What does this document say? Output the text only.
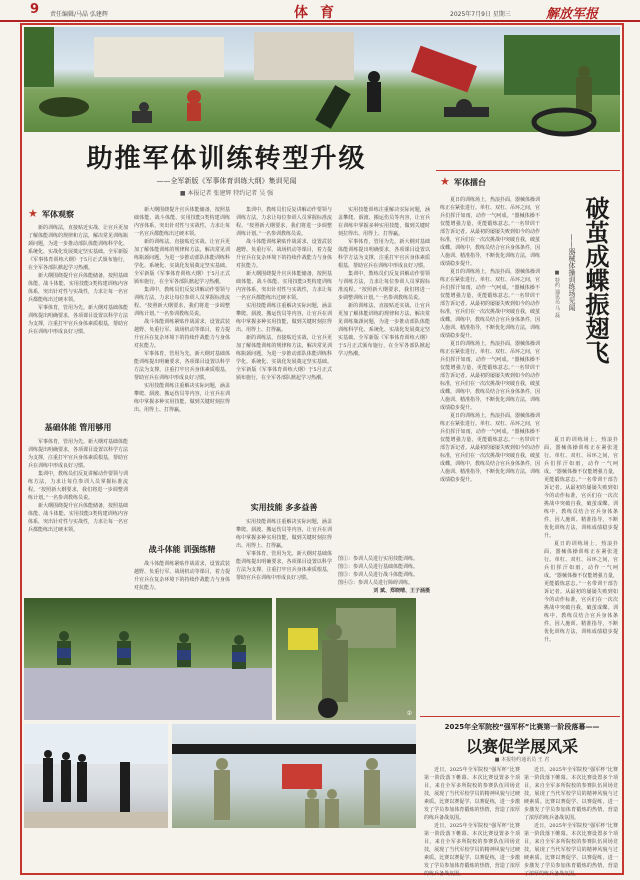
9 责任编辑/马晶 弘建辉	体育	2025年7月9日 星期三	解放军报
助推军体训练转型升级
——全军新版《军事体育训练大纲》集训见闻
■ 本报记者 张建辉 特约记者 吴 强
★ 军体观察

新的训练法，直接贴近实战、让官兵更加了解体能训练的规律和方法，解决常见训练瓶颈问题，为进一步推动部队体能训练科学化、系统化、实战化发展奠定坚实基础。全军新版《军事体育训练大纲》于5月正式颁布施行，在全军各部队掀起学习热潮。

新大纲围绕提升官兵体能储备，按照基础体能、战斗体能、实用技能3类构建训练内容体系，突出针对性与实战性，力求让每一名官兵都能练出过硬本领。

军事体育，管用为先。新大纲对基础体能训练提出明确要求，各项课目设置以科学方法为支撑，注重打牢官兵身体素质根基，帮助官兵在训练中形成良好习惯。

基础体能 管用够用

军事体育，管用为先。新大纲对基础体能训练提出明确要求，各项课目设置以科学方法为支撑，注重打牢官兵身体素质根基，帮助官兵在训练中形成良好习惯。

集训中，教练员们反复讲解动作要领与训练方法，力求让每位参训人员掌握标准流程。“按照新大纲要求，我们将进一步调整训练计划。”一名参训教练员说。

新大纲围绕提升官兵体能储备，按照基础体能、战斗体能、实用技能3类构建训练内容体系，突出针对性与实战性，力求让每一名官兵都能练出过硬本领。

新大纲围绕提升官兵体能储备，按照基础体能、战斗体能、实用技能3类构建训练内容体系，突出针对性与实战性，力求让每一名官兵都能练出过硬本领。

新的训练法，直接贴近实战、让官兵更加了解体能训练的规律和方法，解决常见训练瓶颈问题，为进一步推动部队体能训练科学化、系统化、实战化发展奠定坚实基础。全军新版《军事体育训练大纲》于5月正式颁布施行，在全军各部队掀起学习热潮。

集训中，教练员们反复讲解动作要领与训练方法，力求让每位参训人员掌握标准流程。“按照新大纲要求，我们将进一步调整训练计划。”一名参训教练员说。

战斗体能训练紧贴作战需求，设置武装越野、负重行军、战场机动等课目，着力提升官兵在复杂环境下的持续作战能力与身体对抗能力。

军事体育，管用为先。新大纲对基础体能训练提出明确要求，各项课目设置以科学方法为支撑，注重打牢官兵身体素质根基，帮助官兵在训练中形成良好习惯。

实用技能训练注重解决实际问题，涵盖攀爬、泅渡、搬运伤员等内容，让官兵在训练中掌握多种实用技能，做到关键时刻拉得出、用得上、打得赢。

战斗体能 训强练精

战斗体能训练紧贴作战需求，设置武装越野、负重行军、战场机动等课目，着力提升官兵在复杂环境下的持续作战能力与身体对抗能力。

集训中，教练员们反复讲解动作要领与训练方法，力求让每位参训人员掌握标准流程。“按照新大纲要求，我们将进一步调整训练计划。”一名参训教练员说。

战斗体能训练紧贴作战需求，设置武装越野、负重行军、战场机动等课目，着力提升官兵在复杂环境下的持续作战能力与身体对抗能力。

新大纲围绕提升官兵体能储备，按照基础体能、战斗体能、实用技能3类构建训练内容体系，突出针对性与实战性，力求让每一名官兵都能练出过硬本领。

实用技能训练注重解决实际问题，涵盖攀爬、泅渡、搬运伤员等内容，让官兵在训练中掌握多种实用技能，做到关键时刻拉得出、用得上、打得赢。

新的训练法，直接贴近实战、让官兵更加了解体能训练的规律和方法，解决常见训练瓶颈问题，为进一步推动部队体能训练科学化、系统化、实战化发展奠定坚实基础。全军新版《军事体育训练大纲》于5月正式颁布施行，在全军各部队掀起学习热潮。

实用技能 多多益善

实用技能训练注重解决实际问题，涵盖攀爬、泅渡、搬运伤员等内容，让官兵在训练中掌握多种实用技能，做到关键时刻拉得出、用得上、打得赢。

军事体育，管用为先。新大纲对基础体能训练提出明确要求，各项课目设置以科学方法为支撑，注重打牢官兵身体素质根基，帮助官兵在训练中形成良好习惯。

实用技能训练注重解决实际问题，涵盖攀爬、泅渡、搬运伤员等内容，让官兵在训练中掌握多种实用技能，做到关键时刻拉得出、用得上、打得赢。

军事体育，管用为先。新大纲对基础体能训练提出明确要求，各项课目设置以科学方法为支撑，注重打牢官兵身体素质根基，帮助官兵在训练中形成良好习惯。

集训中，教练员们反复讲解动作要领与训练方法，力求让每位参训人员掌握标准流程。“按照新大纲要求，我们将进一步调整训练计划。”一名参训教练员说。

新的训练法，直接贴近实战、让官兵更加了解体能训练的规律和方法，解决常见训练瓶颈问题，为进一步推动部队体能训练科学化、系统化、实战化发展奠定坚实基础。全军新版《军事体育训练大纲》于5月正式颁布施行，在全军各部队掀起学习热潮。

图①：参训人员进行实用技能训练。
图②：参训人员进行基础体能训练。
图③：参训人员进行战斗体能训练。
图④⑤：参训人员进行障碍训练。
刘 斌、郑晓晴、王子涵摄
★ 军体擂台
破茧成蝶振翅飞
——器械体操训练场见闻
■ 特约 通讯员 马 磊

夏日的训练场上，热浪扑面，器械体操训练正在紧张进行。单杠、双杠、吊环之间，官兵们挥汗如雨，动作一气呵成。“器械体操不仅能增强力量，更能锻炼意志。”一名带训干部告诉记者。从最初的屡屡失败到如今的动作标准，官兵们在一次次挑战中突破自我，破茧成蝶。训练中，教练员结合官兵身体条件，因人施训、精准指导，不断优化训练方法，训练成绩稳步提升。

夏日的训练场上，热浪扑面，器械体操训练正在紧张进行。单杠、双杠、吊环之间，官兵们挥汗如雨，动作一气呵成。“器械体操不仅能增强力量，更能锻炼意志。”一名带训干部告诉记者。从最初的屡屡失败到如今的动作标准，官兵们在一次次挑战中突破自我，破茧成蝶。训练中，教练员结合官兵身体条件，因人施训、精准指导，不断优化训练方法，训练成绩稳步提升。

夏日的训练场上，热浪扑面，器械体操训练正在紧张进行。单杠、双杠、吊环之间，官兵们挥汗如雨，动作一气呵成。“器械体操不仅能增强力量，更能锻炼意志。”一名带训干部告诉记者。从最初的屡屡失败到如今的动作标准，官兵们在一次次挑战中突破自我，破茧成蝶。训练中，教练员结合官兵身体条件，因人施训、精准指导，不断优化训练方法，训练成绩稳步提升。

夏日的训练场上，热浪扑面，器械体操训练正在紧张进行。单杠、双杠、吊环之间，官兵们挥汗如雨，动作一气呵成。“器械体操不仅能增强力量，更能锻炼意志。”一名带训干部告诉记者。从最初的屡屡失败到如今的动作标准，官兵们在一次次挑战中突破自我，破茧成蝶。训练中，教练员结合官兵身体条件，因人施训、精准指导，不断优化训练方法，训练成绩稳步提升。

夏日的训练场上，热浪扑面，器械体操训练正在紧张进行。单杠、双杠、吊环之间，官兵们挥汗如雨，动作一气呵成。“器械体操不仅能增强力量，更能锻炼意志。”一名带训干部告诉记者。从最初的屡屡失败到如今的动作标准，官兵们在一次次挑战中突破自我，破茧成蝶。训练中，教练员结合官兵身体条件，因人施训、精准指导，不断优化训练方法，训练成绩稳步提升。

夏日的训练场上，热浪扑面，器械体操训练正在紧张进行。单杠、双杠、吊环之间，官兵们挥汗如雨，动作一气呵成。“器械体操不仅能增强力量，更能锻炼意志。”一名带训干部告诉记者。从最初的屡屡失败到如今的动作标准，官兵们在一次次挑战中突破自我，破茧成蝶。训练中，教练员结合官兵身体条件，因人施训、精准指导，不断优化训练方法，训练成绩稳步提升。

②
2025年全军院校“强军杯”比赛第一阶段落幕——
以赛促学展风采
■ 本报特约通讯员 王 君

近日，2025年全军院校“强军杯”比赛第一阶段落下帷幕。本次比赛设置多个项目，来自全军多所院校的参赛队伍同场竞技，展现了当代军校学员的精神风貌与过硬素质。比赛以赛促学、以赛促练，进一步激发了学员参加体育锻炼的热情，营造了浓厚的练兵备战氛围。

近日，2025年全军院校“强军杯”比赛第一阶段落下帷幕。本次比赛设置多个项目，来自全军多所院校的参赛队伍同场竞技，展现了当代军校学员的精神风貌与过硬素质。比赛以赛促学、以赛促练，进一步激发了学员参加体育锻炼的热情，营造了浓厚的练兵备战氛围。

近日，2025年全军院校“强军杯”比赛第一阶段落下帷幕。本次比赛设置多个项目，来自全军多所院校的参赛队伍同场竞技，展现了当代军校学员的精神风貌与过硬素质。比赛以赛促学、以赛促练，进一步激发了学员参加体育锻炼的热情，营造了浓厚的练兵备战氛围。

近日，2025年全军院校“强军杯”比赛第一阶段落下帷幕。本次比赛设置多个项目，来自全军多所院校的参赛队伍同场竞技，展现了当代军校学员的精神风貌与过硬素质。比赛以赛促学、以赛促练，进一步激发了学员参加体育锻炼的热情，营造了浓厚的练兵备战氛围。
